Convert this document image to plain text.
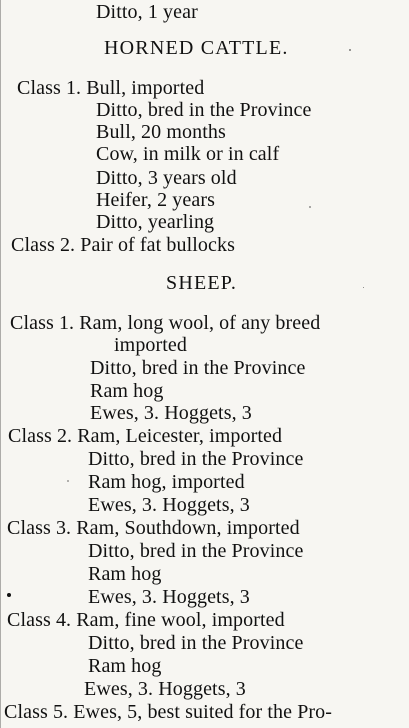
Ditto, 1 year
HORNED CATTLE.
Class 1. Bull, imported
Ditto, bred in the Province
Bull, 20 months
Cow, in milk or in calf
Ditto, 3 years old
Heifer, 2 years
Ditto, yearling
Class 2. Pair of fat bullocks
SHEEP.
Class 1. Ram, long wool, of any breed
imported
Ditto, bred in the Province
Ram hog
Ewes, 3. Hoggets, 3
Class 2. Ram, Leicester, imported
Ditto, bred in the Province
Ram hog, imported
Ewes, 3. Hoggets, 3
Class 3. Ram, Southdown, imported
Ditto, bred in the Province
Ram hog
Ewes, 3. Hoggets, 3
Class 4. Ram, fine wool, imported
Ditto, bred in the Province
Ram hog
Ewes, 3. Hoggets, 3
Class 5. Ewes, 5, best suited for the Pro-
